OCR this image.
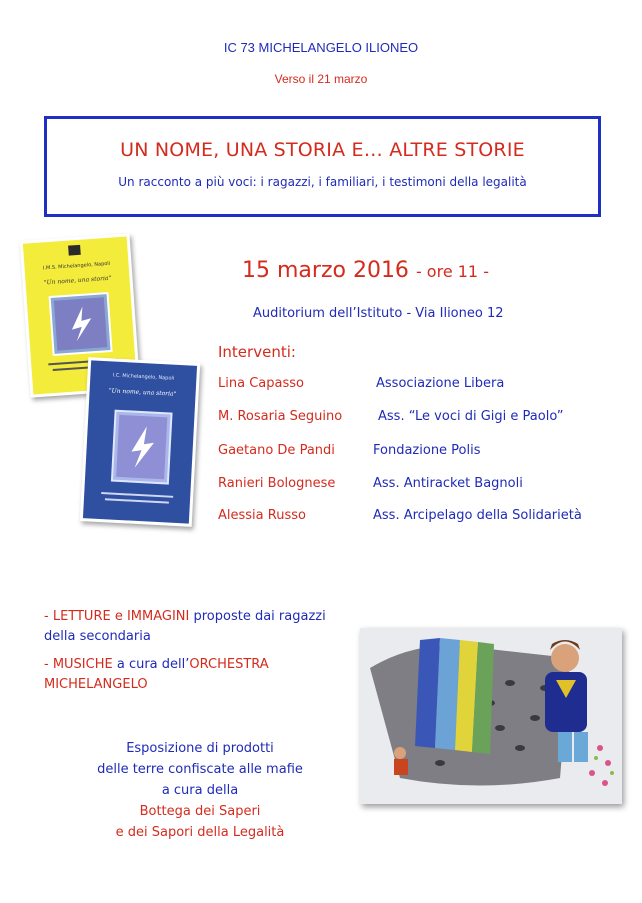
IC 73 MICHELANGELO ILIONEO
Verso il 21 marzo
UN NOME, UNA STORIA E… ALTRE STORIE
Un racconto a più voci: i ragazzi, i familiari, i testimoni della legalità
I.M.S. Michelangelo, Napoli
"Un nome, una storia"
I.C. Michelangelo, Napoli
"Un nome, una storia"
15 marzo 2016 - ore 11 -
Auditorium dell’Istituto - Via Ilioneo 12
Interventi:
Lina Capasso	Associazione Libera
M. Rosaria Seguino	Ass. “Le voci di Gigi e Paolo”
Gaetano De Pandi	Fondazione Polis
Ranieri Bolognese	Ass. Antiracket Bagnoli
Alessia Russo	Ass. Arcipelago della Solidarietà
- LETTURE e IMMAGINI proposte dai ragazzi della secondaria
- MUSICHE a cura dell’ORCHESTRA MICHELANGELO
Esposizione di prodotti
delle terre confiscate alle mafie
a cura della
Bottega dei Saperi
e dei Sapori della Legalità
